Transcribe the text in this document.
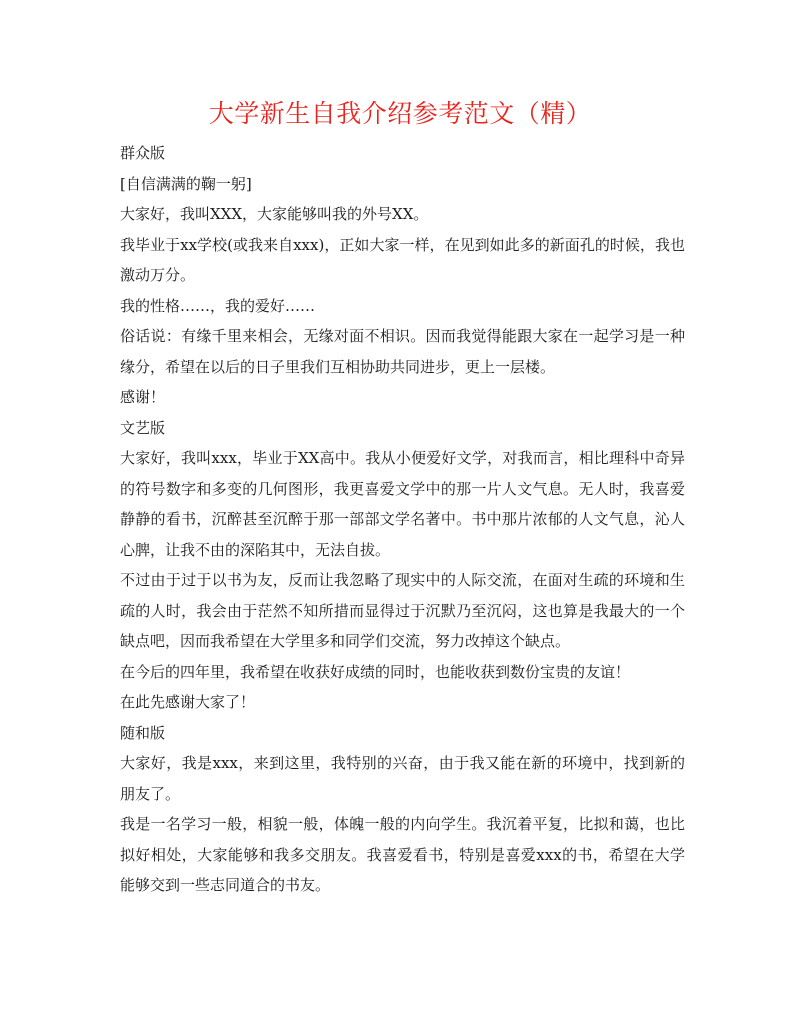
大学新生自我介绍参考范文（精）

群众版

[自信满满的鞠一躬]

大家好，我叫XXX，大家能够叫我的外号XX。

我毕业于xx学校(或我来自xxx)，正如大家一样，在见到如此多的新面孔的时候，我也激动万分。

我的性格……，我的爱好……

俗话说：有缘千里来相会，无缘对面不相识。因而我觉得能跟大家在一起学习是一种缘分，希望在以后的日子里我们互相协助共同进步，更上一层楼。

感谢！

文艺版

大家好，我叫xxx，毕业于XX高中。我从小便爱好文学，对我而言，相比理科中奇异的符号数字和多变的几何图形，我更喜爱文学中的那一片人文气息。无人时，我喜爱静静的看书，沉醉甚至沉醉于那一部部文学名著中。书中那片浓郁的人文气息，沁人心脾，让我不由的深陷其中，无法自拔。

不过由于过于以书为友，反而让我忽略了现实中的人际交流，在面对生疏的环境和生疏的人时，我会由于茫然不知所措而显得过于沉默乃至沉闷，这也算是我最大的一个缺点吧，因而我希望在大学里多和同学们交流，努力改掉这个缺点。

在今后的四年里，我希望在收获好成绩的同时，也能收获到数份宝贵的友谊！

在此先感谢大家了！

随和版

大家好，我是xxx，来到这里，我特别的兴奋，由于我又能在新的环境中，找到新的朋友了。

我是一名学习一般，相貌一般，体魄一般的内向学生。我沉着平复，比拟和蔼，也比拟好相处，大家能够和我多交朋友。我喜爱看书，特别是喜爱xxx的书，希望在大学能够交到一些志同道合的书友。
